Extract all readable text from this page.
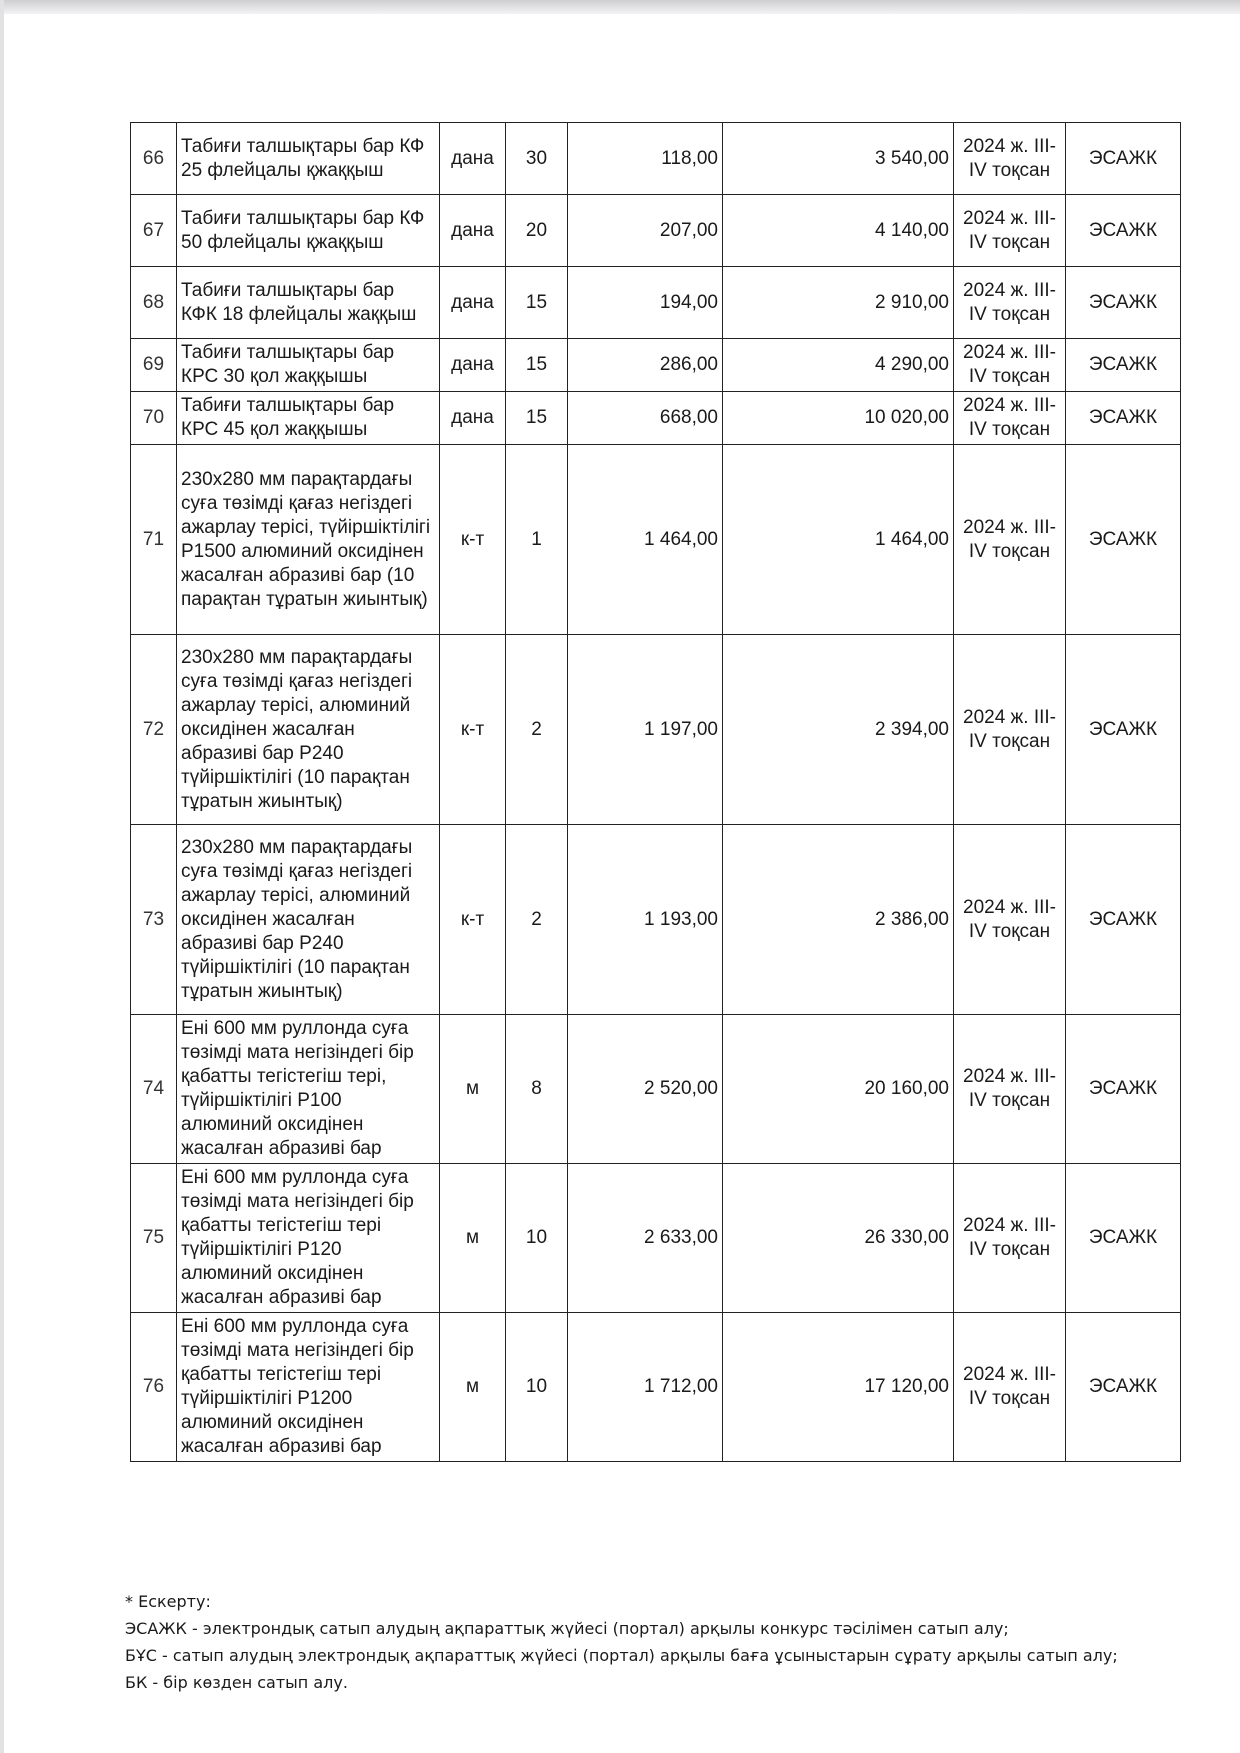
66	Табиғи талшықтары бар КФ 25 флейцалы қжаққыш	дана	30	118,00	3 540,00	2024 ж. III-IV тоқсан	ЭСАЖК
67	Табиғи талшықтары бар КФ 50 флейцалы қжаққыш	дана	20	207,00	4 140,00	2024 ж. III-IV тоқсан	ЭСАЖК
68	Табиғи талшықтары бар КФК 18 флейцалы жаққыш	дана	15	194,00	2 910,00	2024 ж. III-IV тоқсан	ЭСАЖК
69	Табиғи талшықтары бар КРС 30 қол жаққышы	дана	15	286,00	4 290,00	2024 ж. III-IV тоқсан	ЭСАЖК
70	Табиғи талшықтары бар КРС 45 қол жаққышы	дана	15	668,00	10 020,00	2024 ж. III-IV тоқсан	ЭСАЖК
71	230x280 мм парақтардағы суға төзімді қағаз негіздегі ажарлау терісі, түйіршіктілігі Р1500 алюминий оксидінен жасалған абразиві бар (10 парақтан тұратын жиынтық)	к-т	1	1 464,00	1 464,00	2024 ж. III-IV тоқсан	ЭСАЖК
72	230x280 мм парақтардағы суға төзімді қағаз негіздегі ажарлау терісі, алюминий оксидінен жасалған абразиві бар Р240 түйіршіктілігі (10 парақтан тұратын жиынтық)	к-т	2	1 197,00	2 394,00	2024 ж. III-IV тоқсан	ЭСАЖК
73	230x280 мм парақтардағы суға төзімді қағаз негіздегі ажарлау терісі, алюминий оксидінен жасалған абразиві бар Р240 түйіршіктілігі (10 парақтан тұратын жиынтық)	к-т	2	1 193,00	2 386,00	2024 ж. III-IV тоқсан	ЭСАЖК
74	Ені 600 мм руллонда суға төзімді мата негізіндегі бір қабатты тегістегіш тері, түйіршіктілігі Р100 алюминий оксидінен жасалған абразиві бар	м	8	2 520,00	20 160,00	2024 ж. III-IV тоқсан	ЭСАЖК
75	Ені 600 мм руллонда суға төзімді мата негізіндегі бір қабатты тегістегіш тері түйіршіктілігі Р120 алюминий оксидінен жасалған абразиві бар	м	10	2 633,00	26 330,00	2024 ж. III-IV тоқсан	ЭСАЖК
76	Ені 600 мм руллонда суға төзімді мата негізіндегі бір қабатты тегістегіш тері түйіршіктілігі Р1200 алюминий оксидінен жасалған абразиві бар	м	10	1 712,00	17 120,00	2024 ж. III-IV тоқсан	ЭСАЖК
* Ескерту:
ЭСАЖК - электрондық сатып алудың ақпараттық жүйесі (портал) арқылы конкурс тәсілімен сатып алу;
БҰС - сатып алудың электрондық ақпараттық жүйесі (портал) арқылы баға ұсыныстарын сұрату арқылы сатып алу;
БК - бір көзден сатып алу.
